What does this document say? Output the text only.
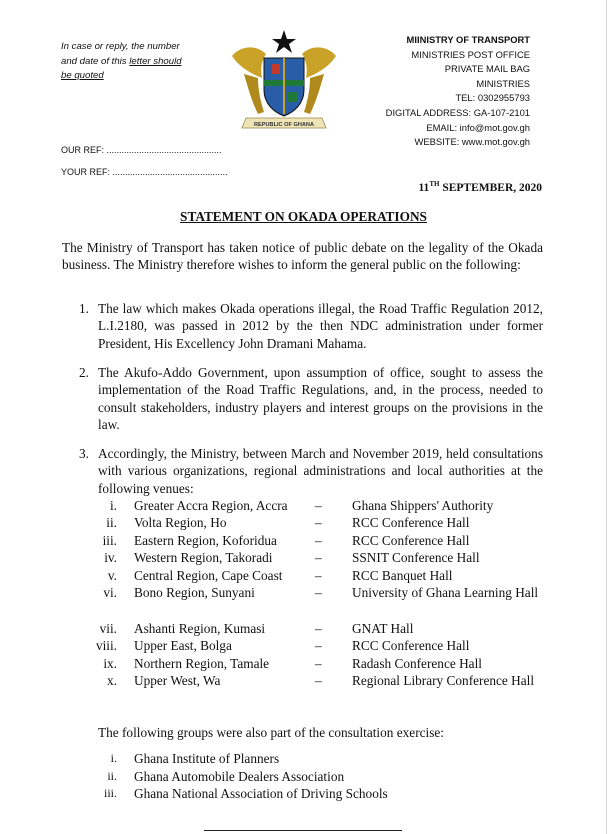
In case or reply, the number
and date of this letter should
be quoted
REPUBLIC OF GHANA
MIINISTRY OF TRANSPORT
MINISTRIES POST OFFICE
PRIVATE MAIL BAG
MINISTRIES
TEL: 0302955793
DIGITAL ADDRESS: GA-107-2101
EMAIL: info@mot.gov.gh
WEBSITE: www.mot.gov.gh
OUR REF: ..............................................
YOUR REF: ..............................................
11TH SEPTEMBER, 2020
STATEMENT ON OKADA OPERATIONS
The Ministry of Transport has taken notice of public debate on the legality of the Okada business. The Ministry therefore wishes to inform the general public on the following:
1. The law which makes Okada operations illegal, the Road Traffic Regulation 2012, L.I.2180, was passed in 2012 by the then NDC administration under former President, His Excellency John Dramani Mahama.
2. The Akufo-Addo Government, upon assumption of office, sought to assess the implementation of the Road Traffic Regulations, and, in the process, needed to consult stakeholders, industry players and interest groups on the provisions in the law.
3. Accordingly, the Ministry, between March and November 2019, held consultations with various organizations, regional administrations and local authorities at the following venues:
i. Greater Accra Region, Accra – Ghana Shippers' Authority
ii. Volta Region, Ho	– RCC Conference Hall
iii. Eastern Region, Koforidua	– RCC Conference Hall
iv. Western Region, Takoradi	– SSNIT Conference Hall
v. Central Region, Cape Coast – RCC Banquet Hall
vi. Bono Region, Sunyani	– University of Ghana Learning Hall
vii. Ashanti Region, Kumasi	– GNAT Hall
viii. Upper East, Bolga	– RCC Conference Hall
ix. Northern Region, Tamale	– Radash Conference Hall
x. Upper West, Wa	– Regional Library Conference Hall
The following groups were also part of the consultation exercise:
i. Ghana Institute of Planners
ii. Ghana Automobile Dealers Association
iii. Ghana National Association of Driving Schools
